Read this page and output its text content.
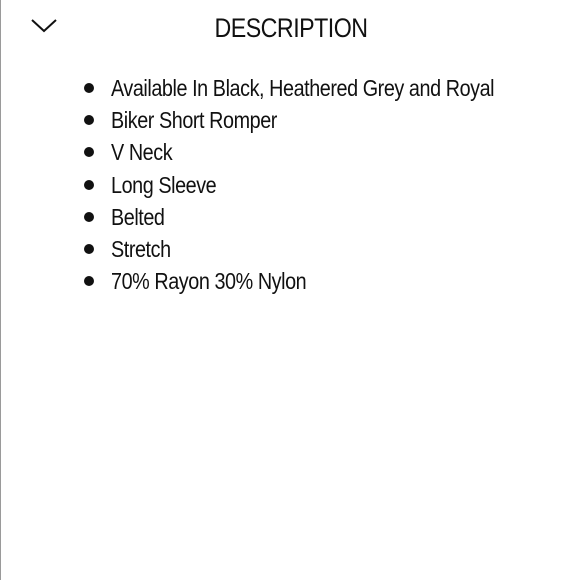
DESCRIPTION
Available In Black, Heathered Grey and Royal
Biker Short Romper
V Neck
Long Sleeve
Belted
Stretch
70% Rayon 30% Nylon
